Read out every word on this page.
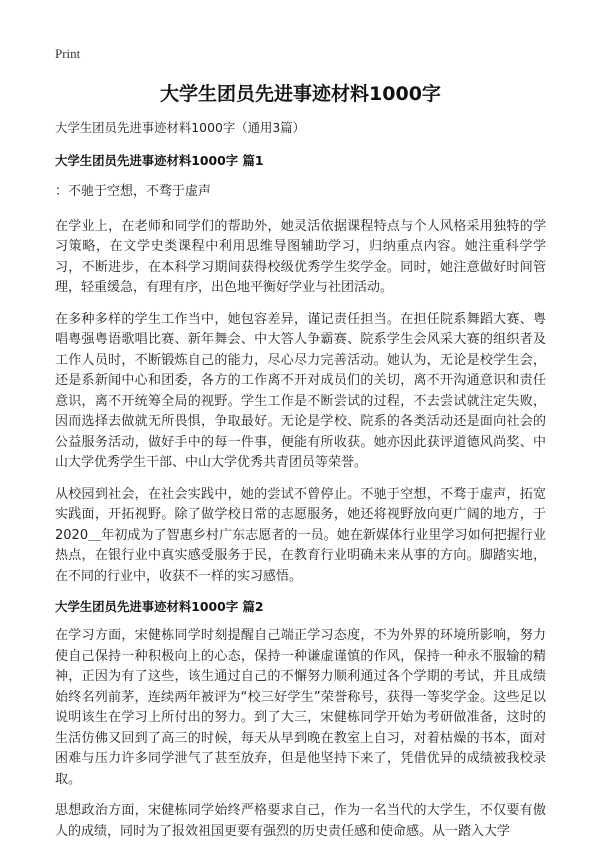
Print
大学生团员先进事迹材料1000字
大学生团员先进事迹材料1000字（通用3篇）
大学生团员先进事迹材料1000字 篇1

：不驰于空想，不骛于虚声

在学业上，在老师和同学们的帮助外，她灵活依据课程特点与个人风格采用独特的学习策略，在文学史类课程中利用思维导图辅助学习，归纳重点内容。她注重科学学习，不断进步，在本科学习期间获得校级优秀学生奖学金。同时，她注意做好时间管理，轻重缓急，有理有序，出色地平衡好学业与社团活动。

在多种多样的学生工作当中，她包容差异，谨记责任担当。在担任院系舞蹈大赛、粤唱粤强粤语歌唱比赛、新年舞会、中大答人争霸赛、院系学生会风采大赛的组织者及工作人员时，不断锻炼自己的能力，尽心尽力完善活动。她认为，无论是校学生会，还是系新闻中心和团委，各方的工作离不开对成员们的关切，离不开沟通意识和责任意识，离不开统筹全局的视野。学生工作是不断尝试的过程，不去尝试就注定失败，因而选择去做就无所畏惧，争取最好。无论是学校、院系的各类活动还是面向社会的公益服务活动，做好手中的每一件事，便能有所收获。她亦因此获评道德风尚奖、中山大学优秀学生干部、中山大学优秀共青团员等荣誉。

从校园到社会，在社会实践中，她的尝试不曾停止。不驰于空想，不骛于虚声，拓宽实践面，开拓视野。除了做学校日常的志愿服务，她还将视野放向更广阔的地方，于2020＿年初成为了智惠乡村广东志愿者的一员。她在新媒体行业里学习如何把握行业热点，在银行业中真实感受服务于民，在教育行业明确未来从事的方向。脚踏实地，在不同的行业中，收获不一样的实习感悟。

大学生团员先进事迹材料1000字 篇2

在学习方面，宋健栋同学时刻提醒自己端正学习态度，不为外界的环境所影响，努力使自己保持一种积极向上的心态，保持一种谦虚谨慎的作风，保持一种永不服输的精神，正因为有了这些，该生通过自己的不懈努力顺利通过各个学期的考试，并且成绩始终名列前茅，连续两年被评为“校三好学生”荣誉称号，获得一等奖学金。这些足以说明该生在学习上所付出的努力。到了大三，宋健栋同学开始为考研做准备，这时的生活仿佛又回到了高三的时候，每天从早到晚在教室上自习，对着枯燥的书本，面对困难与压力许多同学泄气了甚至放弃，但是他坚持下来了，凭借优异的成绩被我校录取。

思想政治方面，宋健栋同学始终严格要求自己，作为一名当代的大学生，不仅要有傲人的成绩，同时为了报效祖国更要有强烈的历史责任感和使命感。从一踏入大学
